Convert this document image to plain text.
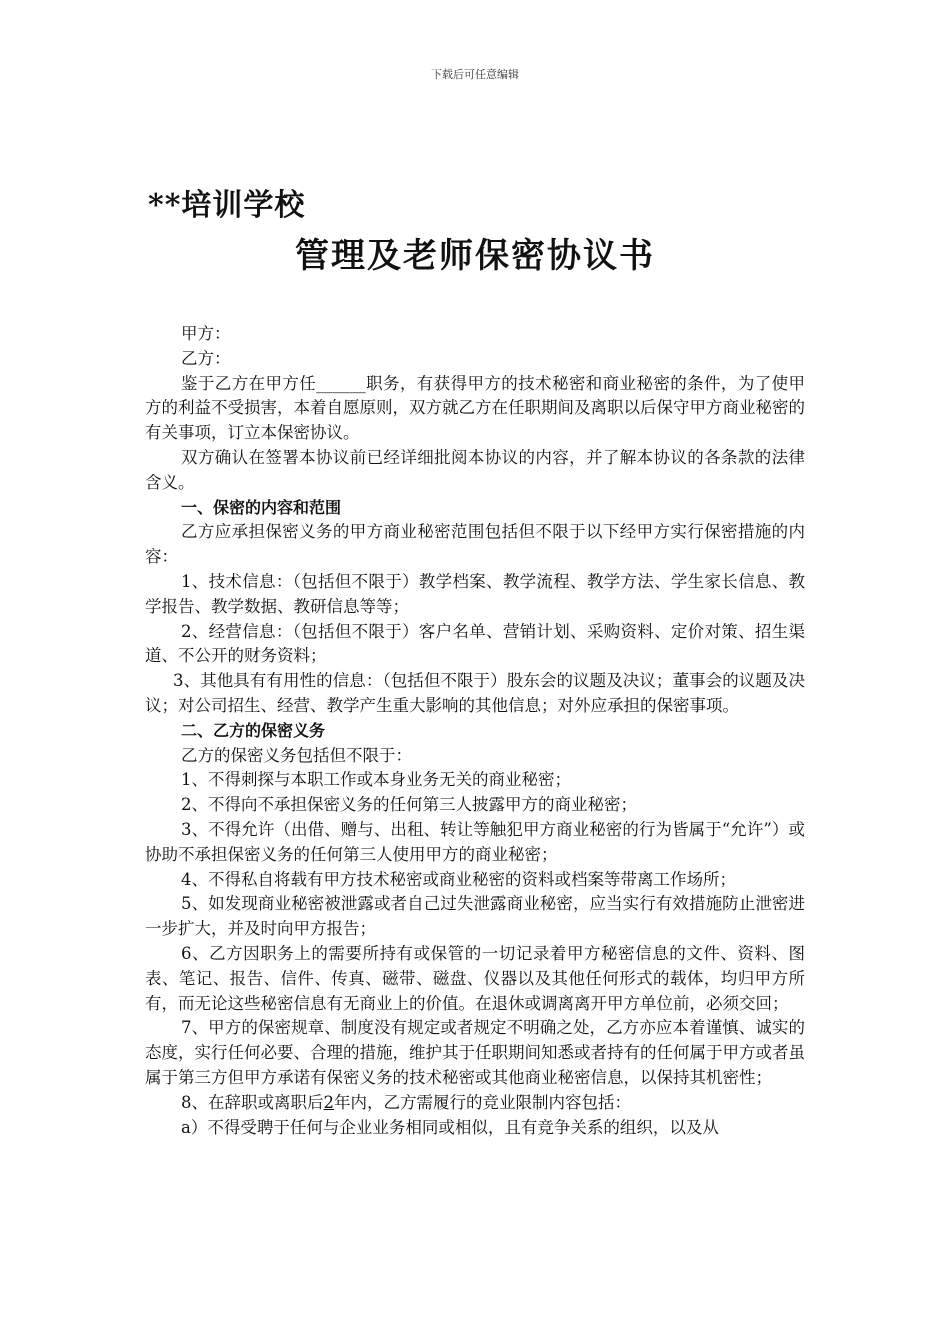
下载后可任意编辑
**培训学校
管理及老师保密协议书

甲方：

乙方：

鉴于乙方在甲方任______职务，有获得甲方的技术秘密和商业秘密的条件，为了使甲方的利益不受损害，本着自愿原则，双方就乙方在任职期间及离职以后保守甲方商业秘密的有关事项，订立本保密协议。

双方确认在签署本协议前已经详细批阅本协议的内容，并了解本协议的各条款的法律含义。

一、保密的内容和范围

乙方应承担保密义务的甲方商业秘密范围包括但不限于以下经甲方实行保密措施的内容：

1、技术信息：（包括但不限于）教学档案、教学流程、教学方法、学生家长信息、教学报告、教学数据、教研信息等等；

2、经营信息：（包括但不限于）客户名单、营销计划、采购资料、定价对策、招生渠道、不公开的财务资料；

3、其他具有有用性的信息：（包括但不限于）股东会的议题及决议；董事会的议题及决议；对公司招生、经营、教学产生重大影响的其他信息；对外应承担的保密事项。

二、乙方的保密义务

乙方的保密义务包括但不限于：

1、不得刺探与本职工作或本身业务无关的商业秘密；

2、不得向不承担保密义务的任何第三人披露甲方的商业秘密；

3、不得允许（出借、赠与、出租、转让等触犯甲方商业秘密的行为皆属于“允许”）或协助不承担保密义务的任何第三人使用甲方的商业秘密；

4、不得私自将载有甲方技术秘密或商业秘密的资料或档案等带离工作场所；

5、如发现商业秘密被泄露或者自己过失泄露商业秘密，应当实行有效措施防止泄密进一步扩大，并及时向甲方报告；

6、乙方因职务上的需要所持有或保管的一切记录着甲方秘密信息的文件、资料、图表、笔记、报告、信件、传真、磁带、磁盘、仪器以及其他任何形式的载体，均归甲方所有，而无论这些秘密信息有无商业上的价值。在退休或调离离开甲方单位前，必须交回；

7、甲方的保密规章、制度没有规定或者规定不明确之处，乙方亦应本着谨慎、诚实的态度，实行任何必要、合理的措施，维护其于任职期间知悉或者持有的任何属于甲方或者虽属于第三方但甲方承诺有保密义务的技术秘密或其他商业秘密信息，以保持其机密性；

8、在辞职或离职后2年内，乙方需履行的竞业限制内容包括：

a）不得受聘于任何与企业业务相同或相似，且有竞争关系的组织，以及从
